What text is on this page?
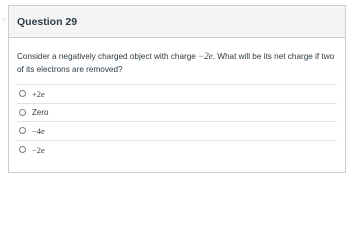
< Question 29

Consider a negatively charged object with charge −2e. What will be its net charge if two of its electrons are removed?

+2e
Zero
−4e
−2e
